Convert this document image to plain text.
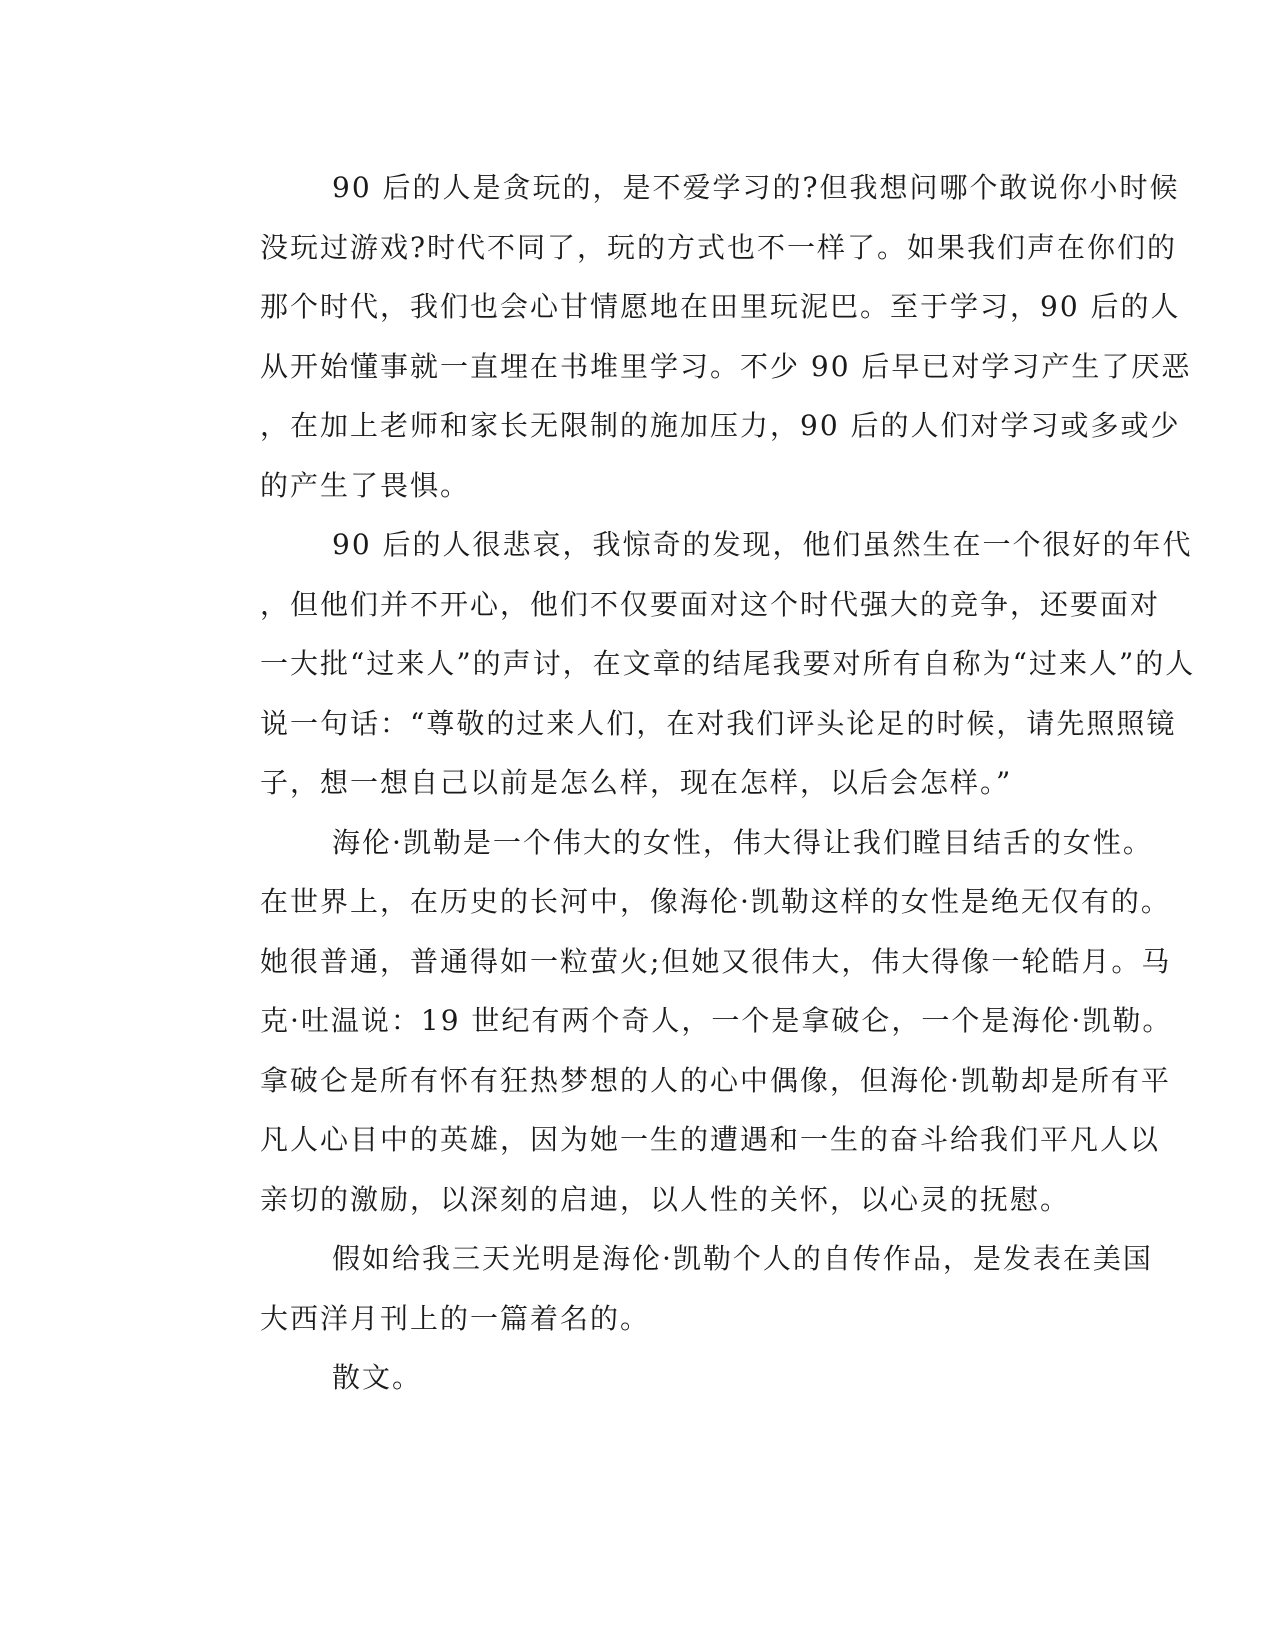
90 后的人是贪玩的，是不爱学习的?但我想问哪个敢说你小时候
没玩过游戏?时代不同了，玩的方式也不一样了。如果我们声在你们的
那个时代，我们也会心甘情愿地在田里玩泥巴。至于学习，90 后的人
从开始懂事就一直埋在书堆里学习。不少 90 后早已对学习产生了厌恶
，在加上老师和家长无限制的施加压力，90 后的人们对学习或多或少
的产生了畏惧。
90 后的人很悲哀，我惊奇的发现，他们虽然生在一个很好的年代
，但他们并不开心，他们不仅要面对这个时代强大的竞争，还要面对
一大批“过来人”的声讨，在文章的结尾我要对所有自称为“过来人”的人
说一句话：“尊敬的过来人们，在对我们评头论足的时候，请先照照镜
子，想一想自己以前是怎么样，现在怎样，以后会怎样。”
海伦·凯勒是一个伟大的女性，伟大得让我们瞠目结舌的女性。
在世界上，在历史的长河中，像海伦·凯勒这样的女性是绝无仅有的。
她很普通，普通得如一粒萤火;但她又很伟大，伟大得像一轮皓月。马
克·吐温说：19 世纪有两个奇人，一个是拿破仑，一个是海伦·凯勒。
拿破仑是所有怀有狂热梦想的人的心中偶像，但海伦·凯勒却是所有平
凡人心目中的英雄，因为她一生的遭遇和一生的奋斗给我们平凡人以
亲切的激励，以深刻的启迪，以人性的关怀，以心灵的抚慰。
假如给我三天光明是海伦·凯勒个人的自传作品，是发表在美国
大西洋月刊上的一篇着名的。
散文。
